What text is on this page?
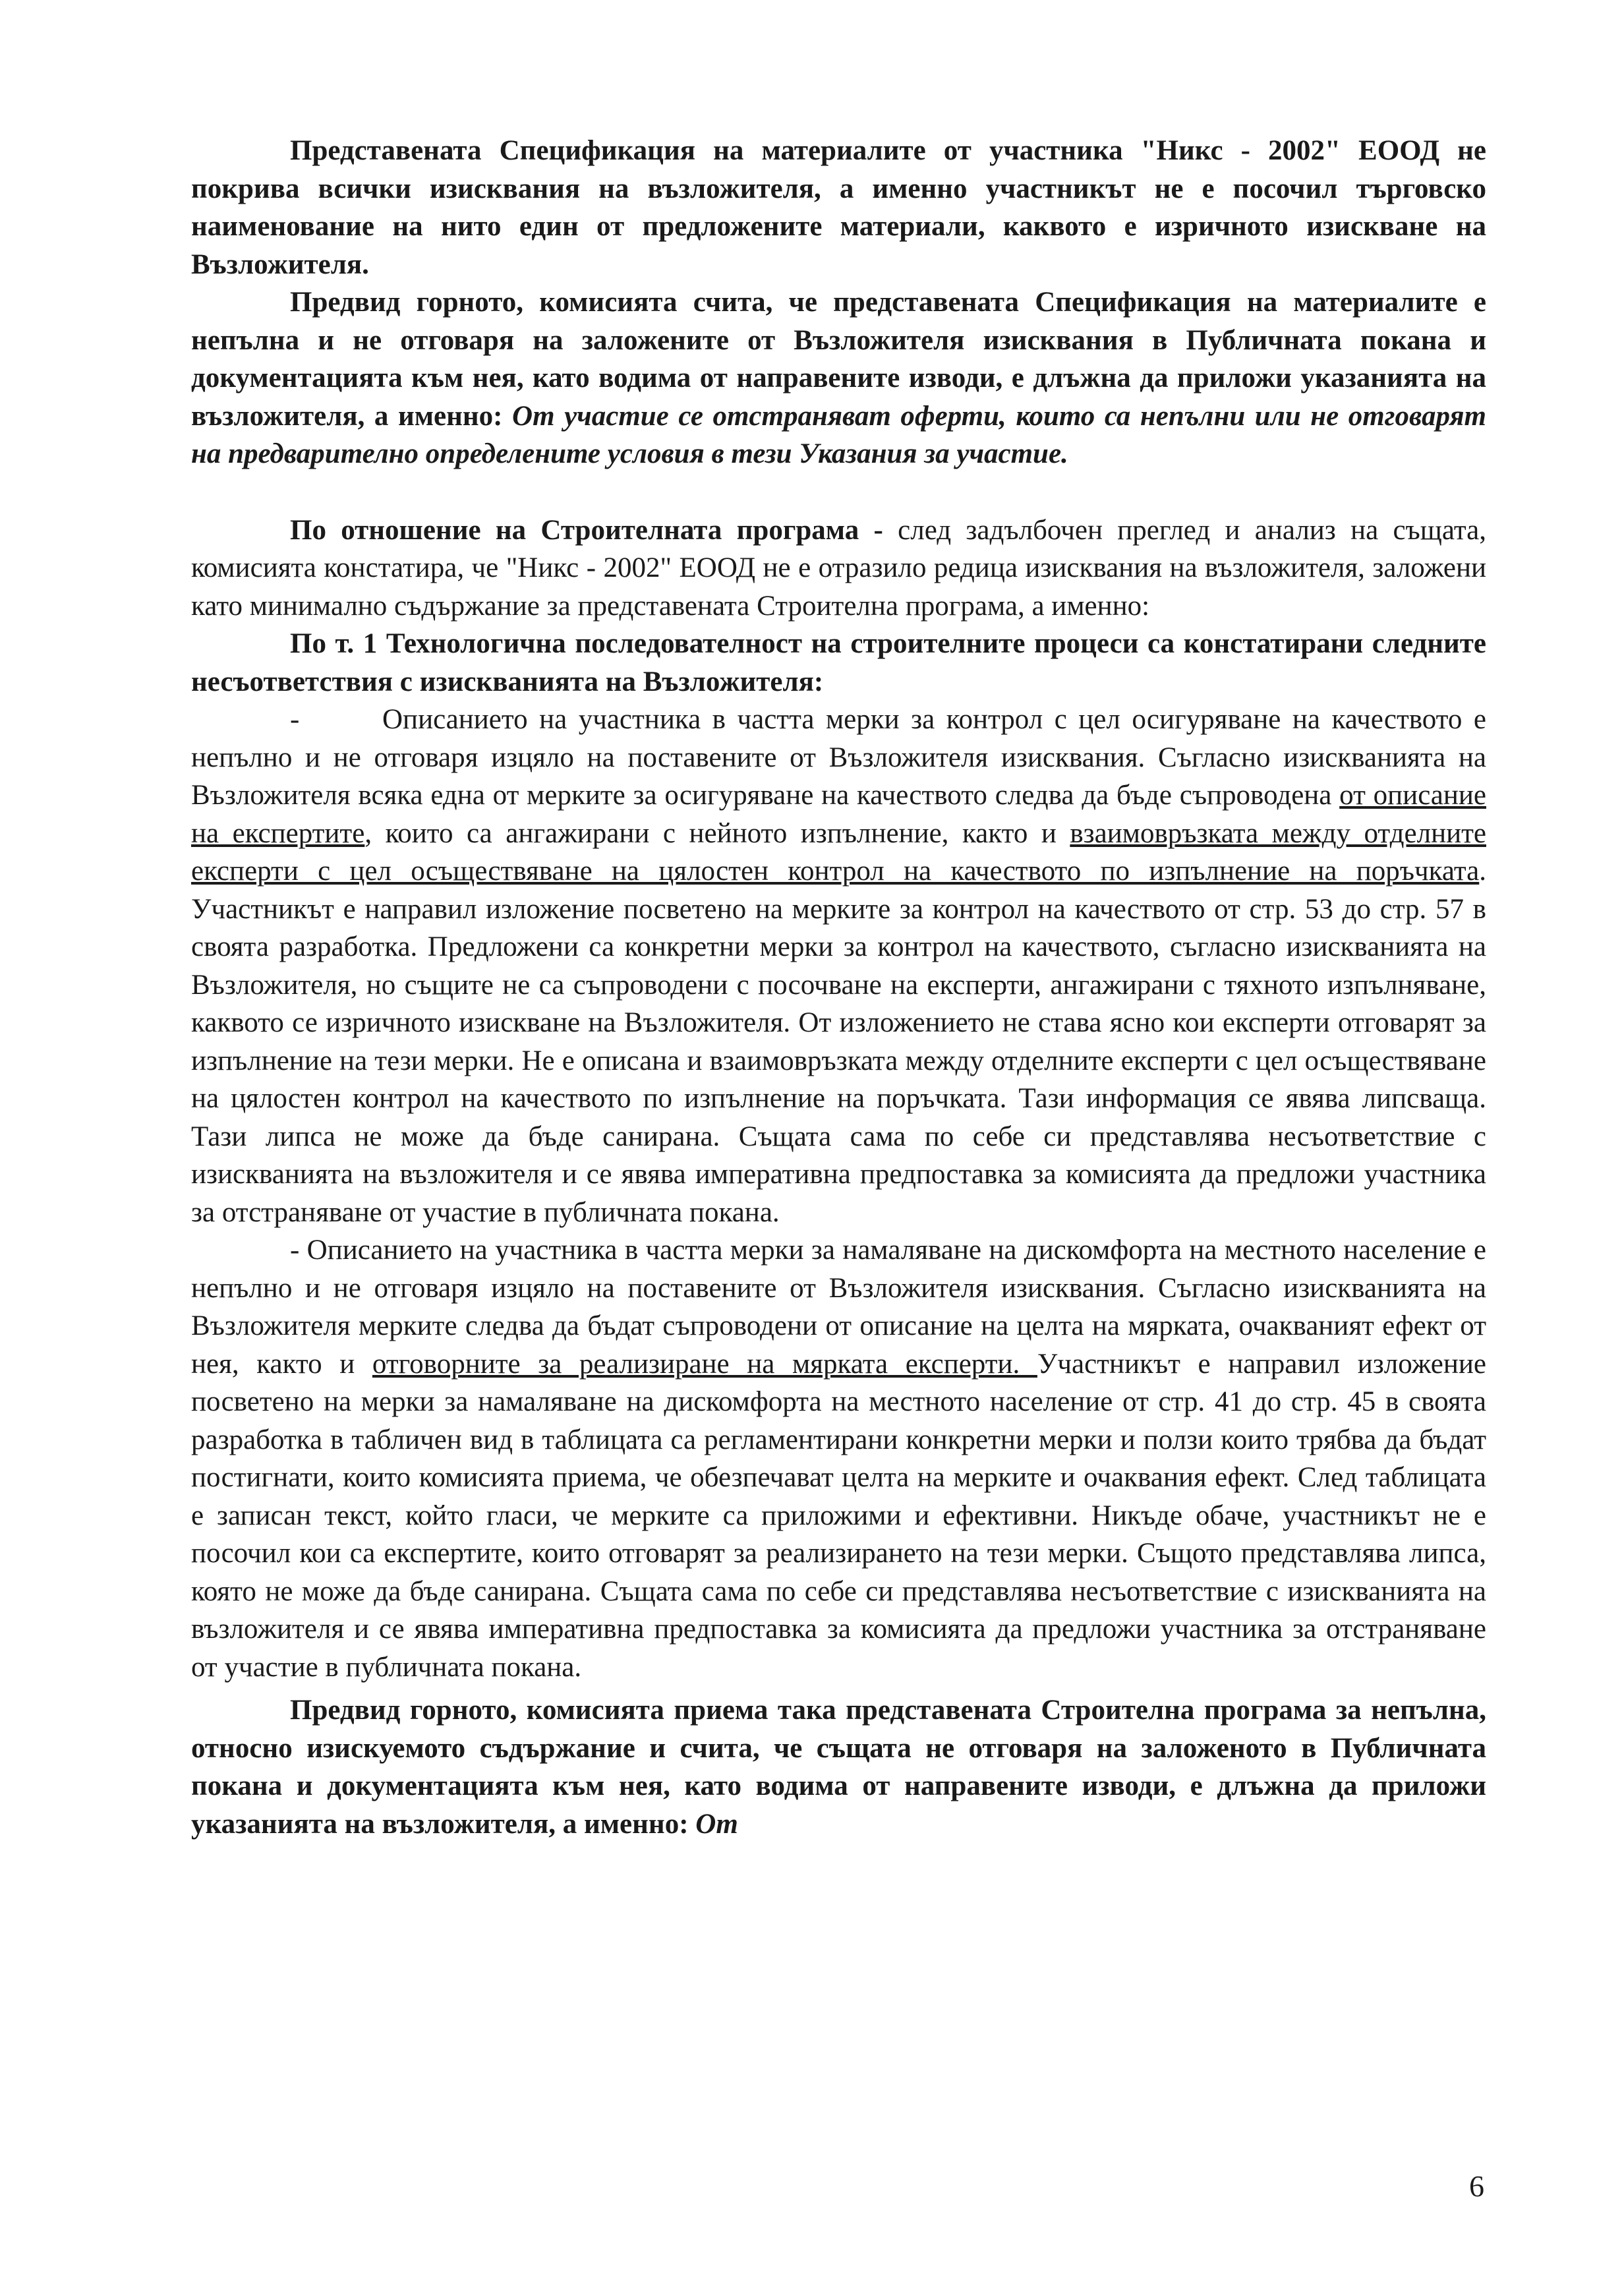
Представената Спецификация на материалите от участника "Никс - 2002" ЕООД не покрива всички изисквания на възложителя, а именно участникът не е посочил търговско наименование на нито един от предложените материали, каквото е изричното изискване на Възложителя.

Предвид горното, комисията считa, че представената Спецификация на материалите е непълна и не отговаря на заложените от Възложителя изисквания в Публичната покана и документацията към нея, като водима от направените изводи, е длъжна да приложи указанията на възложителя, а именно: От участие се отстраняват оферти, които са непълни или не отговарят на предварително определените условия в тези Указания за участие.

По отношение на Строителната програма - след задълбочен преглед и анализ на същата, комисията констатира, че "Никс - 2002" ЕООД не е отразило редица изисквания на възложителя, заложени като минимално съдържание за представената Строителна програма, а именно:

По т. 1 Технологична последователност на строителните процеси са констатирани следните несъответствия с изискванията на Възложителя:

-	Описанието на участника в частта мерки за контрол с цел осигуряване на качеството е непълно и не отговаря изцяло на поставените от Възложителя изисквания. Съгласно изискванията на Възложителя всяка една от мерките за осигуряване на качеството следва да бъде съпроводена от описание на експертите, които са ангажирани с нейното изпълнение, както и взаимовръзката между отделните експерти с цел осъществяване на цялостен контрол на качеството по изпълнение на поръчката. Участникът е направил изложение посветено на мерките за контрол на качеството от стр. 53 до стр. 57 в своята разработка. Предложени са конкретни мерки за контрол на качеството, съгласно изискванията на Възложителя, но същите не са съпроводени с посочване на експерти, ангажирани с тяхното изпълняване, каквото се изричното изискване на Възложителя. От изложението не става ясно кои експерти отговарят за изпълнение на тези мерки. Не е описана и взаимовръзката между отделните експерти с цел осъществяване на цялостен контрол на качеството по изпълнение на поръчката. Тази информация се явява липсваща. Тази липса не може да бъде санирана. Същата сама по себе си представлява несъответствие с изискванията на възложителя и се явява императивна предпоставка за комисията да предложи участника за отстраняване от участие в публичната покана.

- Описанието на участника в частта мерки за намаляване на дискомфорта на местното население е непълно и не отговаря изцяло на поставените от Възложителя изисквания. Съгласно изискванията на Възложителя мерките следва да бъдат съпроводени от описание на целта на мярката, очакваният ефект от нея, както и отговорните за реализиране на мярката експерти. Участникът е направил изложение посветено на мерки за намаляване на дискомфорта на местното население от стр. 41 до стр. 45 в своята разработка в табличен вид в таблицата са регламентирани конкретни мерки и ползи които трябва да бъдат постигнати, които комисията приема, че обезпечават целта на мерките и очаквания ефект. След таблицата е записан текст, който гласи, че мерките са приложими и ефективни. Никъде обаче, участникът не е посочил кои са експертите, които отговарят за реализирането на тези мерки. Същото представлява липса, която не може да бъде санирана. Същата сама по себе си представлява несъответствие с изискванията на възложителя и се явява императивна предпоставка за комисията да предложи участника за отстраняване от участие в публичната покана.

Предвид горното, комисията приема така представената Строителна програма за непълна, относно изискуемото съдържание и счита, че същата не отговаря на заложеното в Публичната покана и документацията към нея, като водима от направените изводи, е длъжна да приложи указанията на възложителя, а именно: От

6
